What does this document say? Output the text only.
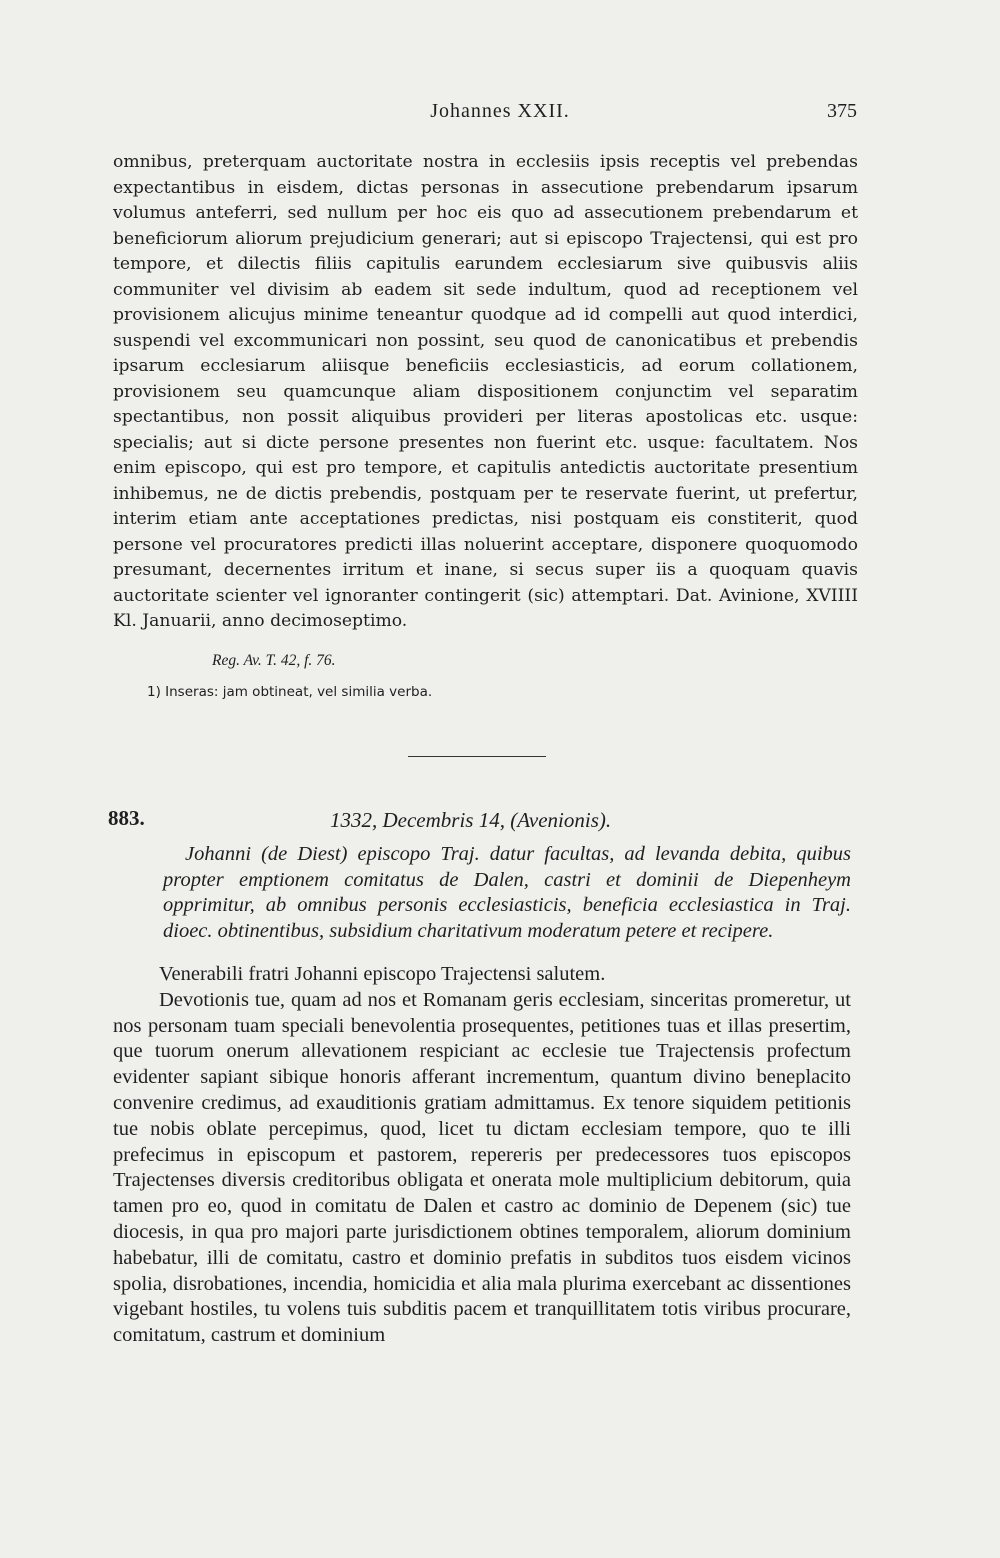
Johannes XXII.	375

omnibus, preterquam auctoritate nostra in ecclesiis ipsis receptis vel prebendas expectantibus in eisdem, dictas personas in assecutione prebendarum ipsarum volumus anteferri, sed nullum per hoc eis quo ad assecutionem prebendarum et beneficiorum aliorum prejudicium generari; aut si episcopo Trajectensi, qui est pro tempore, et dilectis filiis capitulis earundem ecclesiarum sive quibusvis aliis communiter vel divisim ab eadem sit sede indultum, quod ad receptionem vel provisionem alicujus minime teneantur quodque ad id compelli aut quod interdici, suspendi vel excommunicari non possint, seu quod de canonicatibus et prebendis ipsarum ecclesiarum aliisque beneficiis ecclesiasticis, ad eorum collationem, provisionem seu quamcunque aliam dispositionem conjunctim vel separatim spectantibus, non possit aliquibus provideri per literas apostolicas etc. usque: specialis; aut si dicte persone presentes non fuerint etc. usque: facultatem. Nos enim episcopo, qui est pro tempore, et capitulis antedictis auctoritate presentium inhibemus, ne de dictis prebendis, postquam per te reservate fuerint, ut prefertur, interim etiam ante acceptationes predictas, nisi postquam eis constiterit, quod persone vel procuratores predicti illas noluerint acceptare, disponere quoquomodo presumant, decernentes irritum et inane, si secus super iis a quoquam quavis auctoritate scienter vel ignoranter contingerit (sic) attemptari. Dat. Avinione, XVIIII Kl. Januarii, anno decimoseptimo.

Reg. Av. T. 42, f. 76.
1) Inseras: jam obtineat, vel similia verba.
883.	1332, Decembris 14, (Avenionis).
Johanni (de Diest) episcopo Traj. datur facultas, ad levanda debita, quibus propter emptionem comitatus de Dalen, castri et dominii de Diepenheym opprimitur, ab omnibus personis ecclesiasticis, beneficia ecclesiastica in Traj. dioec. obtinentibus, subsidium charitativum moderatum petere et recipere.

Venerabili fratri Johanni episcopo Trajectensi salutem.

Devotionis tue, quam ad nos et Romanam geris ecclesiam, sinceritas promeretur, ut nos personam tuam speciali benevolentia prosequentes, petitiones tuas et illas presertim, que tuorum onerum allevationem respiciant ac ecclesie tue Trajectensis profectum evidenter sapiant sibique honoris afferant incrementum, quantum divino beneplacito convenire credimus, ad exauditionis gratiam admittamus. Ex tenore siquidem petitionis tue nobis oblate percepimus, quod, licet tu dictam ecclesiam tempore, quo te illi prefecimus in episcopum et pastorem, repereris per predecessores tuos episcopos Trajectenses diversis creditoribus obligata et onerata mole multiplicium debitorum, quia tamen pro eo, quod in comitatu de Dalen et castro ac dominio de Depenem (sic) tue diocesis, in qua pro majori parte jurisdictionem obtines temporalem, aliorum dominium habebatur, illi de comitatu, castro et dominio prefatis in subditos tuos eisdem vicinos spolia, disrobationes, incendia, homicidia et alia mala plurima exercebant ac dissentiones vigebant hostiles, tu volens tuis subditis pacem et tranquillitatem totis viribus procurare, comitatum, castrum et dominium
